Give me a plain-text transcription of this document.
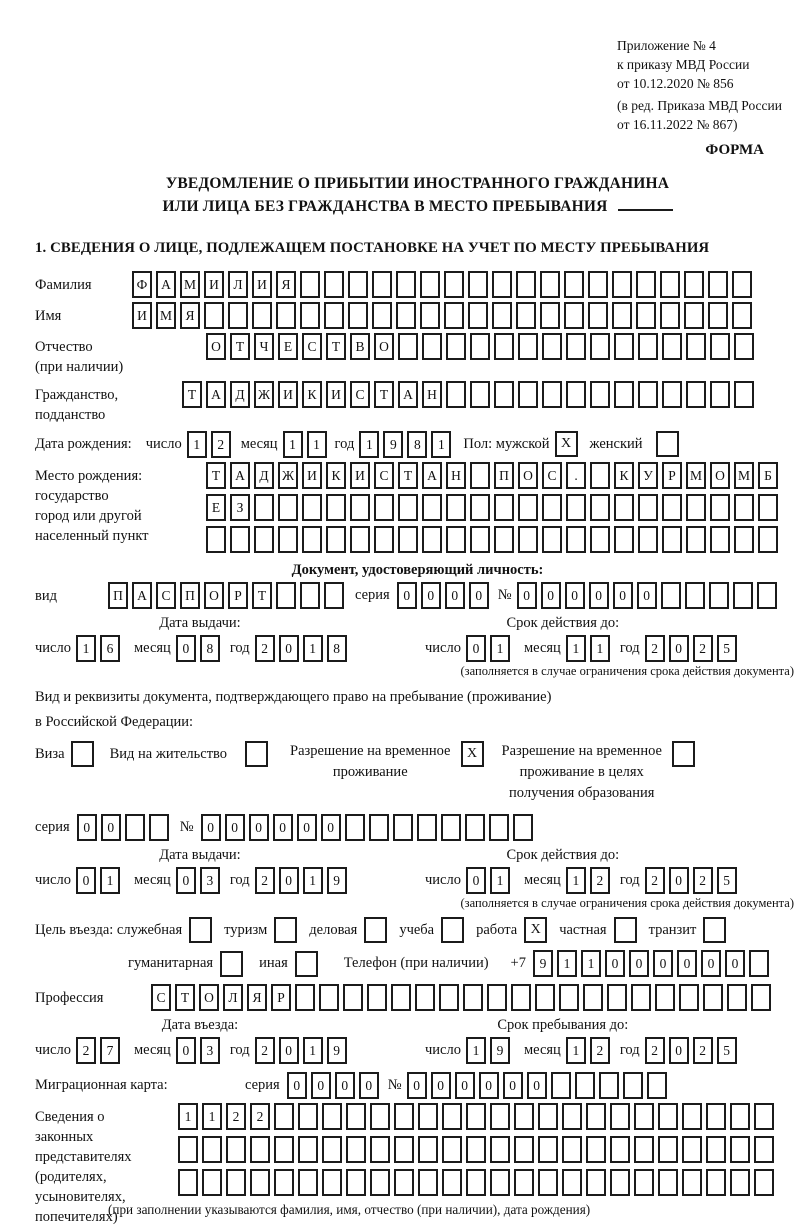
Приложение № 4
к приказу МВД России
от 10.12.2020 № 856
(в ред. Приказа МВД России
от 16.11.2022 № 867)
ФОРМА
УВЕДОМЛЕНИЕ О ПРИБЫТИИ ИНОСТРАННОГО ГРАЖДАНИНА
ИЛИ ЛИЦА БЕЗ ГРАЖДАНСТВА В МЕСТО ПРЕБЫВАНИЯ
1. СВЕДЕНИЯ О ЛИЦЕ, ПОДЛЕЖАЩЕМ ПОСТАНОВКЕ НА УЧЕТ ПО МЕСТУ ПРЕБЫВАНИЯ
Фамилия	Ф	А М И	Л	И	Я
Имя	И М Я
Отчество
(при наличии)
О	Т	Ч	Е	С	Т	В	О
Гражданство,
подданство
Т	А	Д Ж И	К	И	С	Т	А	Н
Дата рождения: число 1	2	месяц 1	1	год 1	9	8	1	Пол: мужской X	женский
Место рождения:
государство
город или другой
населенный пункт
Т	А	Д Ж И	К	И	С	Т	А	Н	П	О	С	.	К	У	Р	М О М	Б
Е	З
Документ, удостоверяющий личность:
вид	П	А	С	П	О	Р	Т	серия	0	0	0	0	№ 0	0	0	0	0	0
Дата выдачи:
число 1	6	месяц 0	8	год 2	0	1	8
Срок действия до:
число 0	1	месяц 1	1	год 2	0	2	5
(заполняется в случае ограничения срока действия документа)
Вид и реквизиты документа, подтверждающего право на пребывание (проживание)
в Российской Федерации:
Виза	Вид на жительство	Разрешение на временное
проживание
X	Разрешение на временное
проживание в целях
получения образования
серия	0	0	№	0	0	0	0	0	0
Дата выдачи:
число 0	1	месяц 0	3	год 2	0	1	9
Срок действия до:
число 0	1	месяц 1	2	год 2	0	2	5
(заполняется в случае ограничения срока действия документа)
Цель въезда: служебная	туризм	деловая	учеба	работа X	частная	транзит
гуманитарная	иная	Телефон (при наличии) +7	9	1	1	0	0	0	0	0	0
Профессия	С	Т	О	Л	Я	Р
Дата въезда:
число 2	7	месяц 0	3	год 2	0	1	9
Срок пребывания до:
число 1	9	месяц 1	2	год 2	0	2	5
Миграционная карта:	серия	0	0	0	0	№ 0	0	0	0	0	0
Сведения о
законных
представителях
(родителях,
усыновителях,
попечителях)
1	1	2	2
(при заполнении указываются фамилия, имя, отчество (при наличии), дата рождения)
